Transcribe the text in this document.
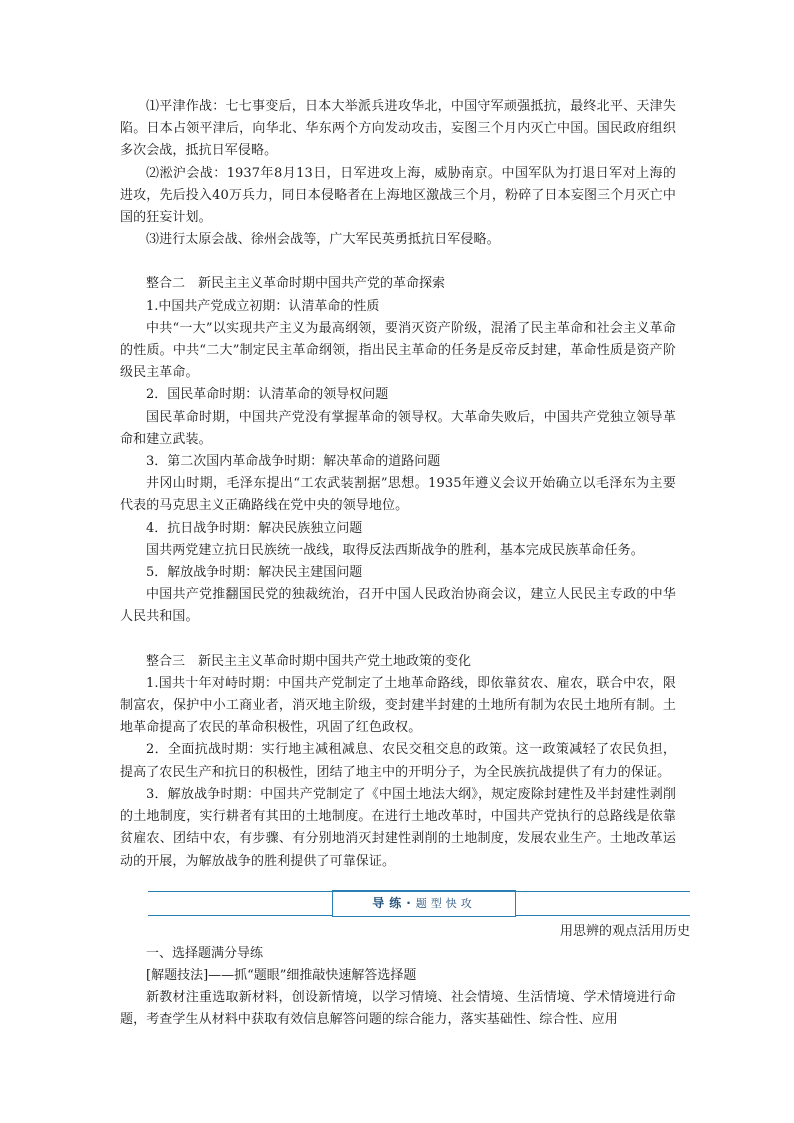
⑴平津作战：七七事变后，日本大举派兵进攻华北，中国守军顽强抵抗，最终北平、天津失陷。日本占领平津后，向华北、华东两个方向发动攻击，妄图三个月内灭亡中国。国民政府组织多次会战，抵抗日军侵略。

⑵淞沪会战：1937年8月13日，日军进攻上海，威胁南京。中国军队为打退日军对上海的进攻，先后投入40万兵力，同日本侵略者在上海地区激战三个月，粉碎了日本妄图三个月灭亡中国的狂妄计划。

⑶进行太原会战、徐州会战等，广大军民英勇抵抗日军侵略。

整合二　新民主主义革命时期中国共产党的革命探索

1.中国共产党成立初期：认清革命的性质

中共“一大”以实现共产主义为最高纲领，要消灭资产阶级，混淆了民主革命和社会主义革命的性质。中共“二大”制定民主革命纲领，指出民主革命的任务是反帝反封建，革命性质是资产阶级民主革命。

2．国民革命时期：认清革命的领导权问题

国民革命时期，中国共产党没有掌握革命的领导权。大革命失败后，中国共产党独立领导革命和建立武装。

3．第二次国内革命战争时期：解决革命的道路问题

井冈山时期，毛泽东提出“工农武装割据”思想。1935年遵义会议开始确立以毛泽东为主要代表的马克思主义正确路线在党中央的领导地位。

4．抗日战争时期：解决民族独立问题

国共两党建立抗日民族统一战线，取得反法西斯战争的胜利，基本完成民族革命任务。

5．解放战争时期：解决民主建国问题

中国共产党推翻国民党的独裁统治，召开中国人民政治协商会议，建立人民民主专政的中华人民共和国。

整合三　新民主主义革命时期中国共产党土地政策的变化

1.国共十年对峙时期：中国共产党制定了土地革命路线，即依靠贫农、雇农，联合中农，限制富农，保护中小工商业者，消灭地主阶级，变封建半封建的土地所有制为农民土地所有制。土地革命提高了农民的革命积极性，巩固了红色政权。

2．全面抗战时期：实行地主减租减息、农民交租交息的政策。这一政策减轻了农民负担，提高了农民生产和抗日的积极性，团结了地主中的开明分子，为全民族抗战提供了有力的保证。

3．解放战争时期：中国共产党制定了《中国土地法大纲》，规定废除封建性及半封建性剥削的土地制度，实行耕者有其田的土地制度。在进行土地改革时，中国共产党执行的总路线是依靠贫雇农、团结中农，有步骤、有分别地消灭封建性剥削的土地制度，发展农业生产。土地改革运动的开展，为解放战争的胜利提供了可靠保证。

导练·题型快攻

用思辨的观点活用历史

一、选择题满分导练

[解题技法]——抓“题眼”细推敲快速解答选择题

新教材注重选取新材料，创设新情境，以学习情境、社会情境、生活情境、学术情境进行命题，考查学生从材料中获取有效信息解答问题的综合能力，落实基础性、综合性、应用
